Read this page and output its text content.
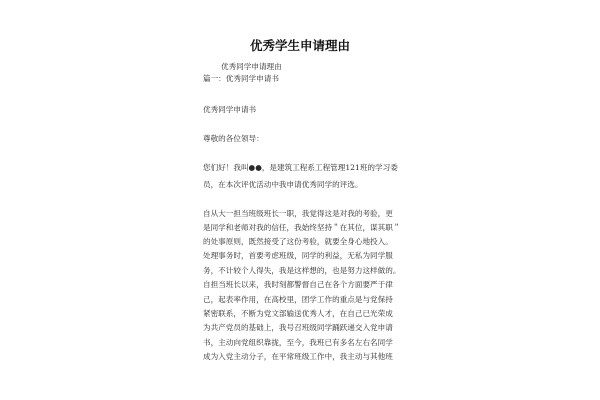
优秀学生申请理由
优秀同学申请理由
篇一：优秀同学申请书
优秀同学申请书
尊敬的各位领导：
您们好！我叫●●，是建筑工程系工程管理121班的学习委
员，在本次评优活动中我申请优秀同学的评选。
自从大一担当班级班长一职，我觉得这是对我的考验，更
是同学和老师对我的信任，我始终坚持＂在其位，谋其职＂
的处事原则，既然接受了这份考验，就要全身心地投入。
处理事务时，首要考虑班级，同学的利益，无私为同学服
务，不计较个人得失，我是这样想的，也是努力这样做的。
自担当班长以来，我时刻都警督自己在各个方面要严于律
己，起表率作用，在高校里，团学工作的重点是与党保持
紧密联系，不断为党文部输送优秀人才，在自己已光荣成
为共产党员的基础上，我号召班级同学踊跃递交入党申请
书，主动向党组织靠拢，至今，我班已有多名左右名同学
成为入党主动分子，在平常班级工作中，我主动与其他班
